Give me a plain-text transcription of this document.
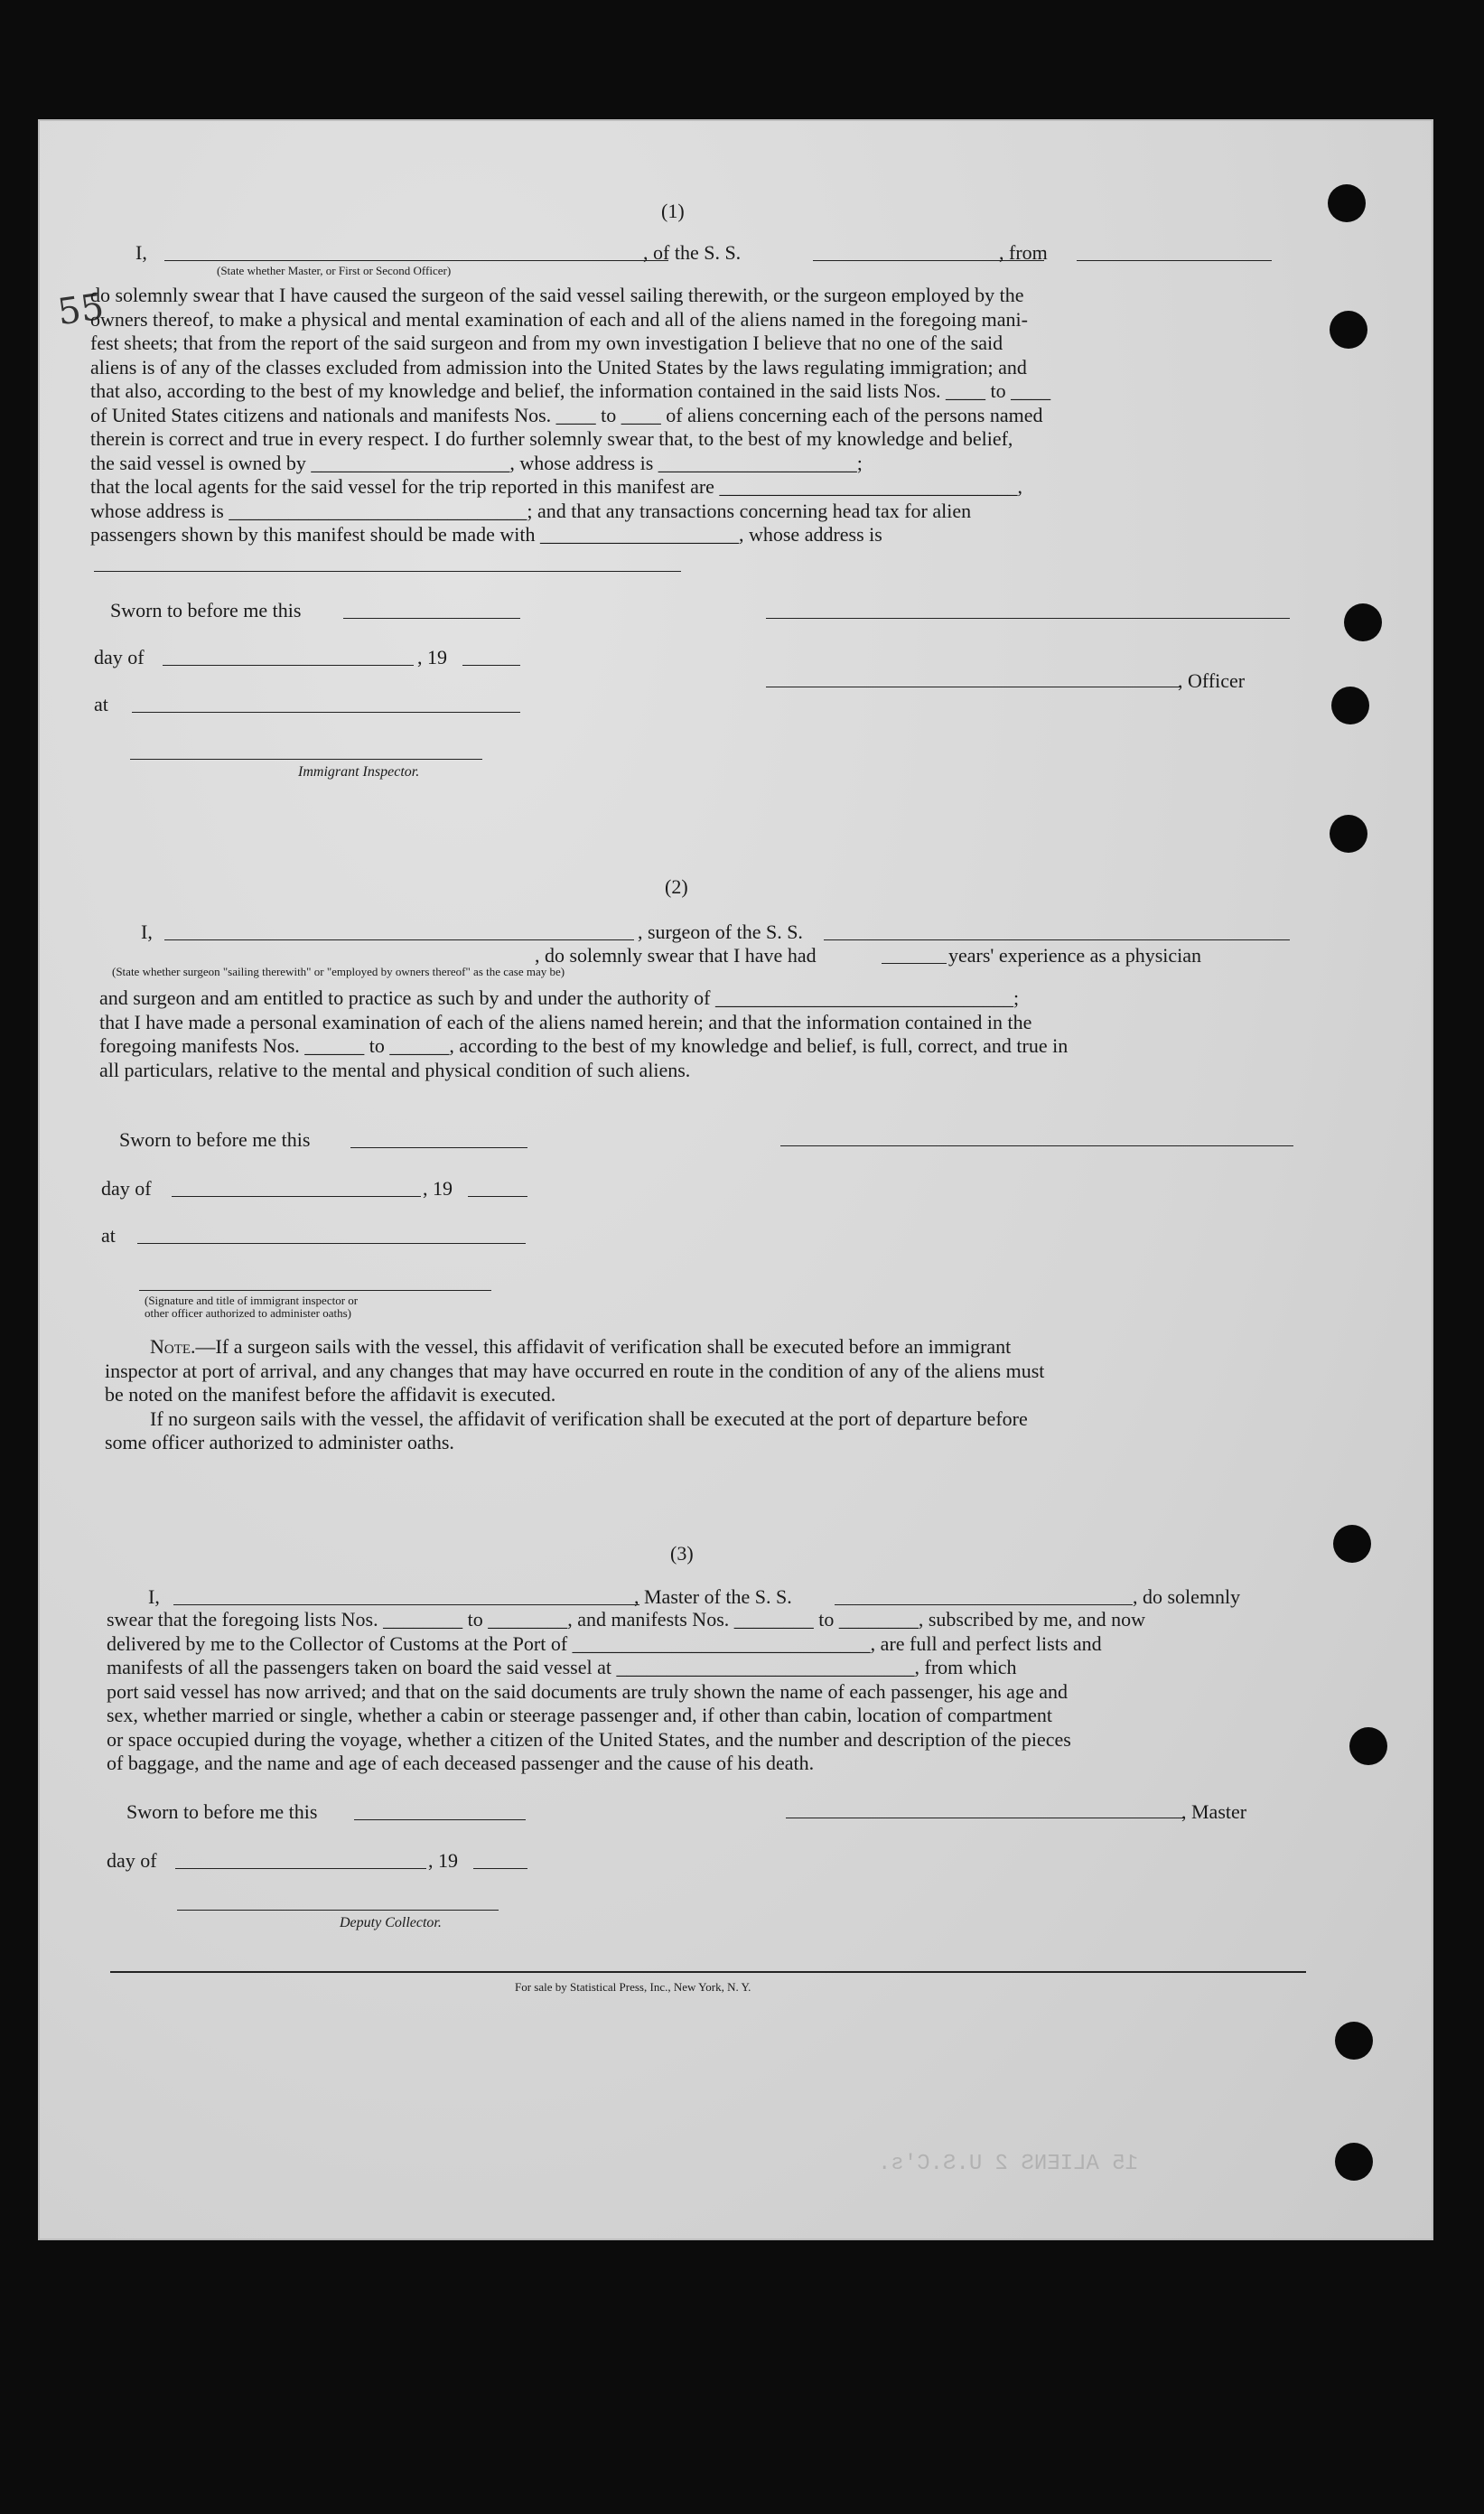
15 ALIENS 2 U.S.C's.
55
(1)
I,	, of the S. S.	, from
(State whether Master, or First or Second Officer)
do solemnly swear that I have caused the surgeon of the said vessel sailing therewith, or the surgeon employed by the
owners thereof, to make a physical and mental examination of each and all of the aliens named in the foregoing mani-
fest sheets; that from the report of the said surgeon and from my own investigation I believe that no one of the said
aliens is of any of the classes excluded from admission into the United States by the laws regulating immigration; and
that also, according to the best of my knowledge and belief, the information contained in the said lists Nos. ____ to ____
of United States citizens and nationals and manifests Nos. ____ to ____ of aliens concerning each of the persons named
therein is correct and true in every respect. I do further solemnly swear that, to the best of my knowledge and belief,
the said vessel is owned by ____________________, whose address is ____________________;
that the local agents for the said vessel for the trip reported in this manifest are ______________________________,
whose address is ______________________________; and that any transactions concerning head tax for alien
passengers shown by this manifest should be made with ____________________, whose address is
Sworn to before me this
day of	, 19
at
, Officer
Immigrant Inspector.
(2)
I,	, surgeon of the S. S.
, do solemnly swear that I have had	years' experience as a physician
(State whether surgeon "sailing therewith" or "employed by owners thereof" as the case may be)
and surgeon and am entitled to practice as such by and under the authority of ______________________________;
that I have made a personal examination of each of the aliens named herein; and that the information contained in the
foregoing manifests Nos. ______ to ______, according to the best of my knowledge and belief, is full, correct, and true in
all particulars, relative to the mental and physical condition of such aliens.
Sworn to before me this
day of	, 19
at
(Signature and title of immigrant inspector or
other officer authorized to administer oaths)
Note.—If a surgeon sails with the vessel, this affidavit of verification shall be executed before an immigrant
inspector at port of arrival, and any changes that may have occurred en route in the condition of any of the aliens must
be noted on the manifest before the affidavit is executed.
If no surgeon sails with the vessel, the affidavit of verification shall be executed at the port of departure before
some officer authorized to administer oaths.
(3)
I,	, Master of the S. S.	, do solemnly
swear that the foregoing lists Nos. ________ to ________, and manifests Nos. ________ to ________, subscribed by me, and now
delivered by me to the Collector of Customs at the Port of ______________________________, are full and perfect lists and
manifests of all the passengers taken on board the said vessel at ______________________________, from which
port said vessel has now arrived; and that on the said documents are truly shown the name of each passenger, his age and
sex, whether married or single, whether a cabin or steerage passenger and, if other than cabin, location of compartment
or space occupied during the voyage, whether a citizen of the United States, and the number and description of the pieces
of baggage, and the name and age of each deceased passenger and the cause of his death.
Sworn to before me this	, Master
day of	, 19
Deputy Collector.
For sale by Statistical Press, Inc., New York, N. Y.
